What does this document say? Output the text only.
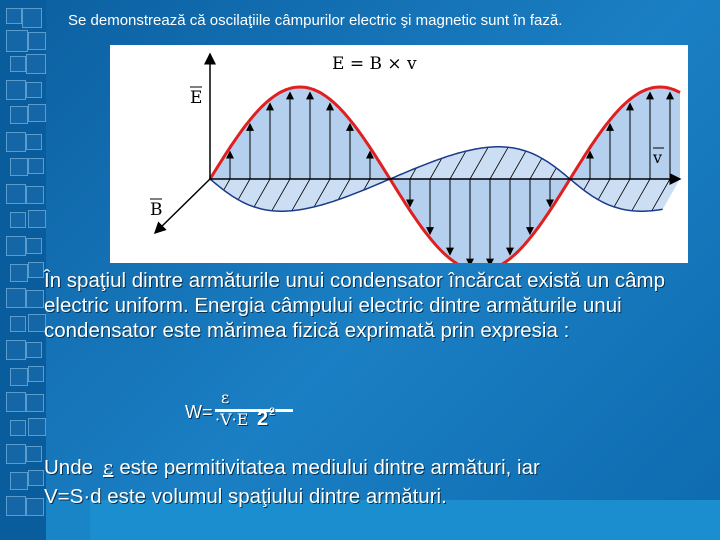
Se demonstrează că oscilaţiile câmpurilor electric şi magnetic sunt în fază.
E
B
v
E = B × v
În spaţiul dintre armăturile unui condensator încărcat există un câmp electric uniform. Energia câmpului electric dintre armăturile unui condensator este mărimea fizică exprimată prin expresia :
W=
ε
·V·E 2 2
Unde ε este permitivitatea mediului dintre armături, iar
V=S·d este volumul spaţiului dintre armături.
